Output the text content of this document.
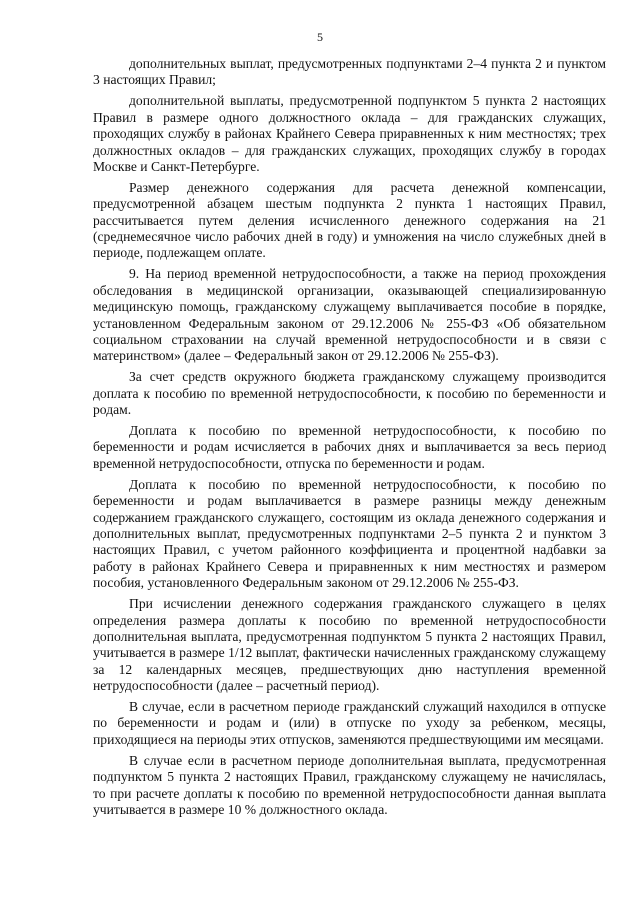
5

дополнительных выплат, предусмотренных подпунктами 2–4 пункта 2 и пунктом 3 настоящих Правил;

дополнительной выплаты, предусмотренной подпунктом 5 пункта 2 настоящих Правил в размере одного должностного оклада – для гражданских служащих, проходящих службу в районах Крайнего Севера приравненных к ним местностях; трех должностных окладов – для гражданских служащих, проходящих службу в городах Москве и Санкт-Петербурге.

Размер денежного содержания для расчета денежной компенсации, предусмотренной абзацем шестым подпункта 2 пункта 1 настоящих Правил, рассчитывается путем деления исчисленного денежного содержания на 21 (среднемесячное число рабочих дней в году) и умножения на число служебных дней в периоде, подлежащем оплате.

9. На период временной нетрудоспособности, а также на период прохождения обследования в медицинской организации, оказывающей специализированную медицинскую помощь, гражданскому служащему выплачивается пособие в порядке, установленном Федеральным законом от 29.12.2006 № 255-ФЗ «Об обязательном социальном страховании на случай временной нетрудоспособности и в связи с материнством» (далее – Федеральный закон от 29.12.2006 № 255-ФЗ).

За счет средств окружного бюджета гражданскому служащему производится доплата к пособию по временной нетрудоспособности, к пособию по беременности и родам.

Доплата к пособию по временной нетрудоспособности, к пособию по беременности и родам исчисляется в рабочих днях и выплачивается за весь период временной нетрудоспособности, отпуска по беременности и родам.

Доплата к пособию по временной нетрудоспособности, к пособию по беременности и родам выплачивается в размере разницы между денежным содержанием гражданского служащего, состоящим из оклада денежного содержания и дополнительных выплат, предусмотренных подпунктами 2–5 пункта 2 и пунктом 3 настоящих Правил, с учетом районного коэффициента и процентной надбавки за работу в районах Крайнего Севера и приравненных к ним местностях и размером пособия, установленного Федеральным законом от 29.12.2006 № 255-ФЗ.

При исчислении денежного содержания гражданского служащего в целях определения размера доплаты к пособию по временной нетрудоспособности дополнительная выплата, предусмотренная подпунктом 5 пункта 2 настоящих Правил, учитывается в размере 1/12 выплат, фактически начисленных гражданскому служащему за 12 календарных месяцев, предшествующих дню наступления временной нетрудоспособности (далее – расчетный период).

В случае, если в расчетном периоде гражданский служащий находился в отпуске по беременности и родам и (или) в отпуске по уходу за ребенком, месяцы, приходящиеся на периоды этих отпусков, заменяются предшествующими им месяцами.

В случае если в расчетном периоде дополнительная выплата, предусмотренная подпунктом 5 пункта 2 настоящих Правил, гражданскому служащему не начислялась, то при расчете доплаты к пособию по временной нетрудоспособности данная выплата учитывается в размере 10 % должностного оклада.
